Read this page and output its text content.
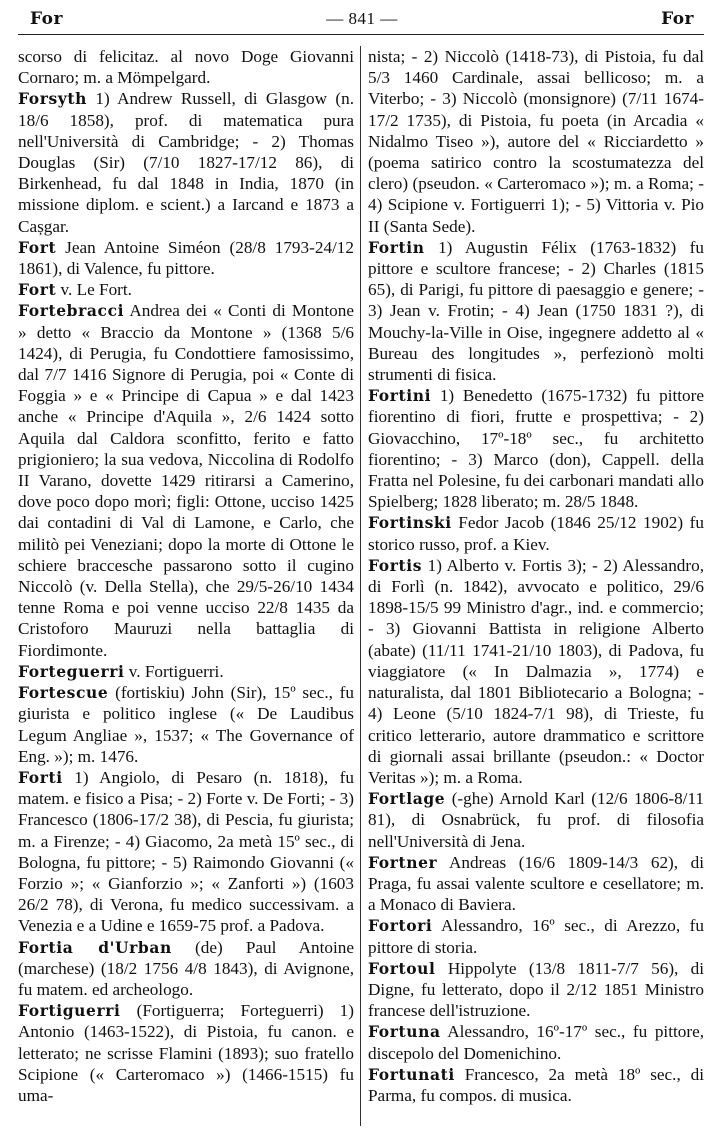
For	— 841 —	For

scorso di felicitaz. al novo Doge Giovanni Cornaro; m. a Mömpelgard.

Forsyth 1) Andrew Russell, di Glasgow (n. 18/6 1858), prof. di matematica pura nell'Università di Cambridge; - 2) Thomas Douglas (Sir) (7/10 1827-17/12 86), di Birkenhead, fu dal 1848 in India, 1870 (in missione diplom. e scient.) a Iarcand e 1873 a Cașgar.

Fort Jean Antoine Siméon (28/8 1793-24/12 1861), di Valence, fu pittore.

Fort v. Le Fort.

Fortebracci Andrea dei « Conti di Montone » detto « Braccio da Montone » (1368 5/6 1424), di Perugia, fu Condottiere famosissimo, dal 7/7 1416 Signore di Perugia, poi « Conte di Foggia » e « Principe di Capua » e dal 1423 anche « Principe d'Aquila », 2/6 1424 sotto Aquila dal Caldora sconfitto, ferito e fatto prigioniero; la sua vedova, Niccolina di Rodolfo II Varano, dovette 1429 ritirarsi a Camerino, dove poco dopo morì; figli: Ottone, ucciso 1425 dai contadini di Val di Lamone, e Carlo, che militò pei Veneziani; dopo la morte di Ottone le schiere braccesche passarono sotto il cugino Niccolò (v. Della Stella), che 29/5-26/10 1434 tenne Roma e poi venne ucciso 22/8 1435 da Cristoforo Mauruzi nella battaglia di Fiordimonte.

Forteguerri v. Fortiguerri.

Fortescue (fortiskiu) John (Sir), 15º sec., fu giurista e politico inglese (« De Laudibus Legum Angliae », 1537; « The Governance of Eng. »); m. 1476.

Forti 1) Angiolo, di Pesaro (n. 1818), fu matem. e fisico a Pisa; - 2) Forte v. De Forti; - 3) Francesco (1806-17/2 38), di Pescia, fu giurista; m. a Firenze; - 4) Giacomo, 2a metà 15º sec., di Bologna, fu pittore; - 5) Raimondo Giovanni (« Forzio »; « Gianforzio »; « Zanforti ») (1603 26/2 78), di Verona, fu medico successivam. a Venezia e a Udine e 1659-75 prof. a Padova.

Fortia d'Urban (de) Paul Antoine (marchese) (18/2 1756 4/8 1843), di Avignone, fu matem. ed archeologo.

Fortiguerri (Fortiguerra; Forteguerri) 1) Antonio (1463-1522), di Pistoia, fu canon. e letterato; ne scrisse Flamini (1893); suo fratello Scipione (« Carteromaco ») (1466-1515) fu uma-

nista; - 2) Niccolò (1418-73), di Pistoia, fu dal 5/3 1460 Cardinale, assai bellicoso; m. a Viterbo; - 3) Niccolò (monsignore) (7/11 1674-17/2 1735), di Pistoia, fu poeta (in Arcadia « Nidalmo Tiseo »), autore del « Ricciardetto » (poema satirico contro la scostumatezza del clero) (pseudon. « Carteromaco »); m. a Roma; - 4) Scipione v. Fortiguerri 1); - 5) Vittoria v. Pio II (Santa Sede).

Fortin 1) Augustin Félix (1763-1832) fu pittore e scultore francese; - 2) Charles (1815 65), di Parigi, fu pittore di paesaggio e genere; - 3) Jean v. Frotin; - 4) Jean (1750 1831 ?), di Mouchy-la-Ville in Oise, ingegnere addetto al « Bureau des longitudes », perfezionò molti strumenti di fisica.

Fortini 1) Benedetto (1675-1732) fu pittore fiorentino di fiori, frutte e prospettiva; - 2) Giovacchino, 17º-18º sec., fu architetto fiorentino; - 3) Marco (don), Cappell. della Fratta nel Polesine, fu dei carbonari mandati allo Spielberg; 1828 liberato; m. 28/5 1848.

Fortinski Fedor Jacob (1846 25/12 1902) fu storico russo, prof. a Kiev.

Fortis 1) Alberto v. Fortis 3); - 2) Alessandro, di Forlì (n. 1842), avvocato e politico, 29/6 1898-15/5 99 Ministro d'agr., ind. e commercio; - 3) Giovanni Battista in religione Alberto (abate) (11/11 1741-21/10 1803), di Padova, fu viaggiatore (« In Dalmazia », 1774) e naturalista, dal 1801 Bibliotecario a Bologna; - 4) Leone (5/10 1824-7/1 98), di Trieste, fu critico letterario, autore drammatico e scrittore di giornali assai brillante (pseudon.: « Doctor Veritas »); m. a Roma.

Fortlage (-ghe) Arnold Karl (12/6 1806-8/11 81), di Osnabrück, fu prof. di filosofia nell'Università di Jena.

Fortner Andreas (16/6 1809-14/3 62), di Praga, fu assai valente scultore e cesellatore; m. a Monaco di Baviera.

Fortori Alessandro, 16º sec., di Arezzo, fu pittore di storia.

Fortoul Hippolyte (13/8 1811-7/7 56), di Digne, fu letterato, dopo il 2/12 1851 Ministro francese dell'istruzione.

Fortuna Alessandro, 16º-17º sec., fu pittore, discepolo del Domenichino.

Fortunati Francesco, 2a metà 18º sec., di Parma, fu compos. di musica.
